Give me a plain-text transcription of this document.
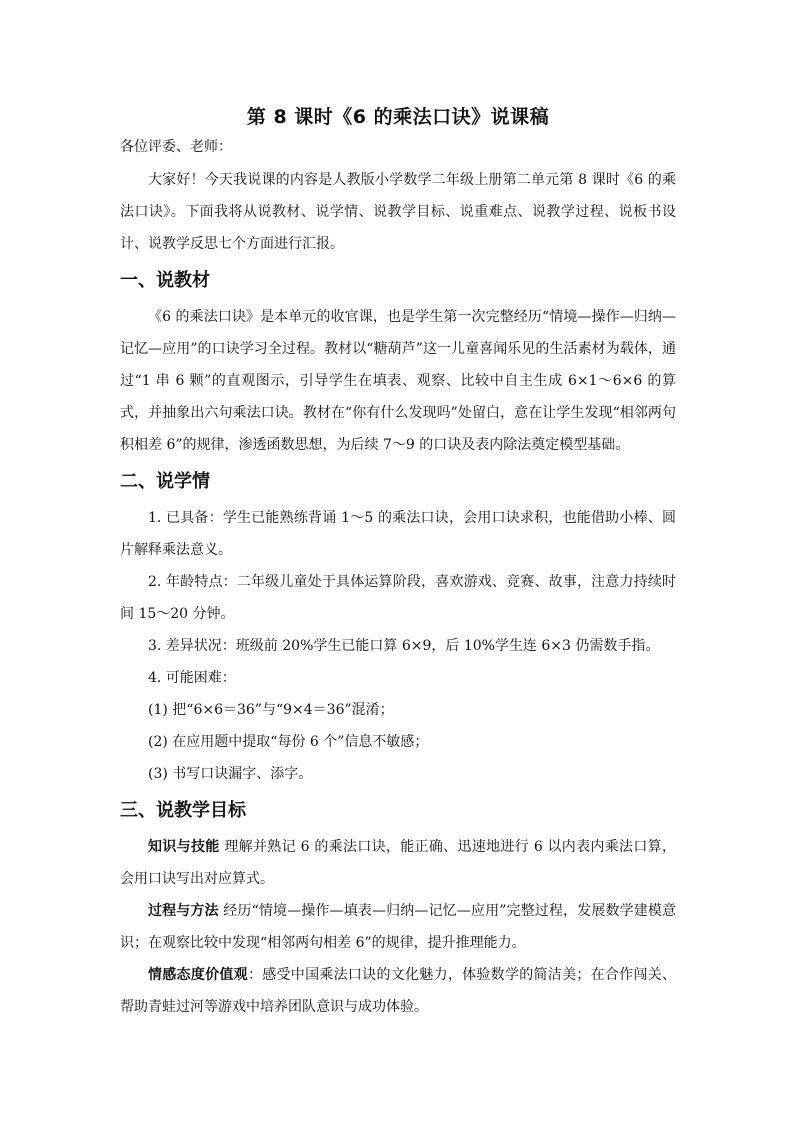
第 8 课时《6 的乘法口诀》说课稿

各位评委、老师：

大家好！今天我说课的内容是人教版小学数学二年级上册第二单元第 8 课时《6 的乘法口诀》。下面我将从说教材、说学情、说教学目标、说重难点、说教学过程、说板书设计、说教学反思七个方面进行汇报。

一、说教材

《6 的乘法口诀》是本单元的收官课，也是学生第一次完整经历“情境—操作—归纳—记忆—应用”的口诀学习全过程。教材以“糖葫芦”这一儿童喜闻乐见的生活素材为载体，通过“1 串 6 颗”的直观图示，引导学生在填表、观察、比较中自主生成 6×1～6×6 的算式，并抽象出六句乘法口诀。教材在“你有什么发现吗”处留白，意在让学生发现“相邻两句积相差 6”的规律，渗透函数思想，为后续 7～9 的口诀及表内除法奠定模型基础。

二、说学情

1. 已具备：学生已能熟练背诵 1～5 的乘法口诀，会用口诀求积，也能借助小棒、圆片解释乘法意义。

2. 年龄特点：二年级儿童处于具体运算阶段，喜欢游戏、竞赛、故事，注意力持续时间 15～20 分钟。

3. 差异状况：班级前 20%学生已能口算 6×9，后 10%学生连 6×3 仍需数手指。

4. 可能困难：

(1) 把“6×6＝36”与“9×4＝36”混淆；

(2) 在应用题中提取“每份 6 个”信息不敏感；

(3) 书写口诀漏字、添字。

三、说教学目标

知识与技能 理解并熟记 6 的乘法口诀，能正确、迅速地进行 6 以内表内乘法口算，会用口诀写出对应算式。

过程与方法 经历“情境—操作—填表—归纳—记忆—应用”完整过程，发展数学建模意识；在观察比较中发现“相邻两句相差 6”的规律，提升推理能力。

情感态度价值观：感受中国乘法口诀的文化魅力，体验数学的简洁美；在合作闯关、帮助青蛙过河等游戏中培养团队意识与成功体验。
